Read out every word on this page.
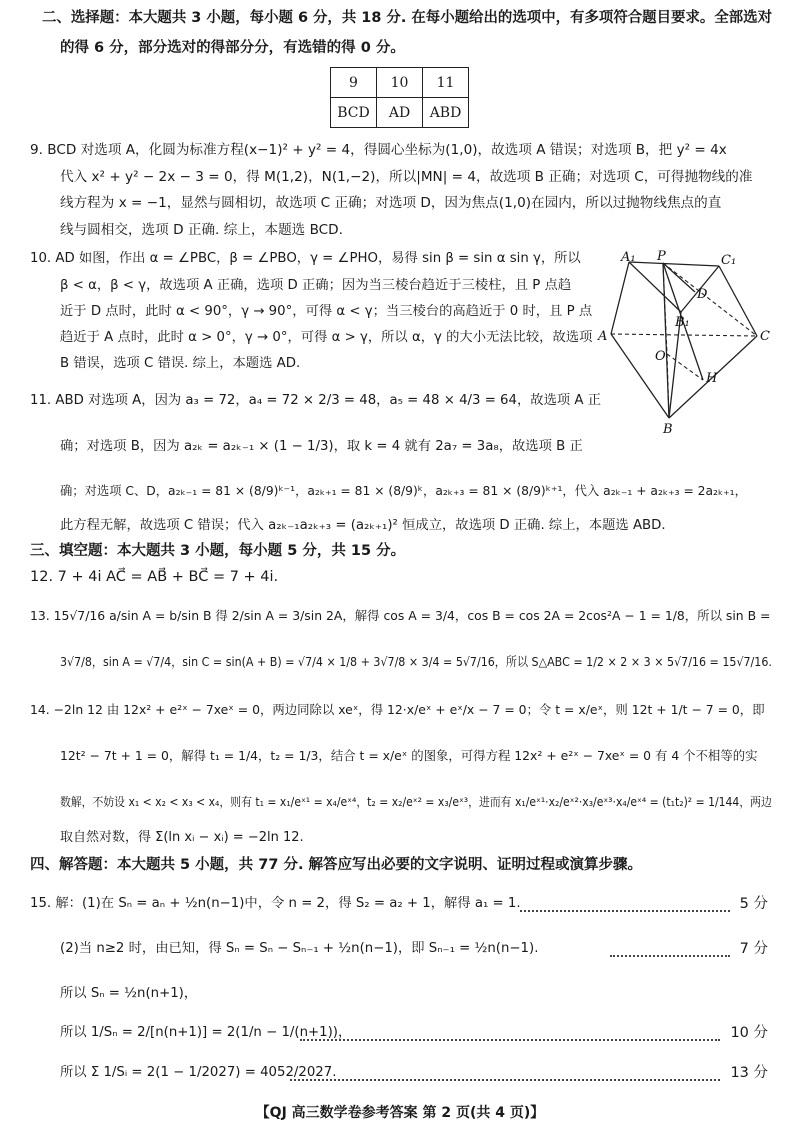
二、选择题：本大题共 3 小题，每小题 6 分，共 18 分. 在每小题给出的选项中，有多项符合题目要求。全部选对
的得 6 分，部分选对的得部分分，有选错的得 0 分。
9	10	11
BCD	AD	ABD
9. BCD 对选项 A，化圆为标准方程(x−1)² + y² = 4，得圆心坐标为(1,0)，故选项 A 错误；对选项 B，把 y² = 4x
代入 x² + y² − 2x − 3 = 0，得 M(1,2)，N(1,−2)，所以|MN| = 4，故选项 B 正确；对选项 C，可得抛物线的准
线方程为 x = −1，显然与圆相切，故选项 C 正确；对选项 D，因为焦点(1,0)在园内，所以过抛物线焦点的直
线与圆相交，选项 D 正确. 综上，本题选 BCD.
10. AD 如图，作出 α = ∠PBC，β = ∠PBO，γ = ∠PHO，易得 sin β = sin α sin γ，所以
β < α，β < γ，故选项 A 正确，选项 D 正确；因为当三棱台趋近于三棱柱，且 P 点趋
近于 D 点时，此时 α < 90°，γ → 90°，可得 α < γ；当三棱台的高趋近于 0 时，且 P 点
趋近于 A 点时，此时 α > 0°，γ → 0°，可得 α > γ，所以 α，γ 的大小无法比较，故选项
B 错误，选项 C 错误. 综上，本题选 AD.
A₁ P	C₁
D
B₁
A	C
O
H
B
11. ABD 对选项 A，因为 a₃ = 72，a₄ = 72 × 2/3 = 48，a₅ = 48 × 4/3 = 64，故选项 A 正
确；对选项 B，因为 a₂ₖ = a₂ₖ₋₁ × (1 − 1/3)，取 k = 4 就有 2a₇ = 3a₈，故选项 B 正
确；对选项 C、D，a₂ₖ₋₁ = 81 × (8/9)ᵏ⁻¹，a₂ₖ₊₁ = 81 × (8/9)ᵏ，a₂ₖ₊₃ = 81 × (8/9)ᵏ⁺¹，代入 a₂ₖ₋₁ + a₂ₖ₊₃ = 2a₂ₖ₊₁，
此方程无解，故选项 C 错误；代入 a₂ₖ₋₁a₂ₖ₊₃ = (a₂ₖ₊₁)² 恒成立，故选项 D 正确. 综上，本题选 ABD.
三、填空题：本大题共 3 小题，每小题 5 分，共 15 分。
12. 7 + 4i AC⃗ = AB⃗ + BC⃗ = 7 + 4i.
13. 15√7/16 a/sin A = b/sin B 得 2/sin A = 3/sin 2A，解得 cos A = 3/4，cos B = cos 2A = 2cos²A − 1 = 1/8，所以 sin B =
3√7/8，sin A = √7/4，sin C = sin(A + B) = √7/4 × 1/8 + 3√7/8 × 3/4 = 5√7/16，所以 S△ABC = 1/2 × 2 × 3 × 5√7/16 = 15√7/16.
14. −2ln 12 由 12x² + e²ˣ − 7xeˣ = 0，两边同除以 xeˣ，得 12·x/eˣ + eˣ/x − 7 = 0；令 t = x/eˣ，则 12t + 1/t − 7 = 0，即
12t² − 7t + 1 = 0，解得 t₁ = 1/4，t₂ = 1/3，结合 t = x/eˣ 的图象，可得方程 12x² + e²ˣ − 7xeˣ = 0 有 4 个不相等的实
数解，不妨设 x₁ < x₂ < x₃ < x₄，则有 t₁ = x₁/eˣ¹ = x₄/eˣ⁴，t₂ = x₂/eˣ² = x₃/eˣ³，进而有 x₁/eˣ¹·x₂/eˣ²·x₃/eˣ³·x₄/eˣ⁴ = (t₁t₂)² = 1/144，两边
取自然对数，得 Σ(ln xᵢ − xᵢ) = −2ln 12.
四、解答题：本大题共 5 小题，共 77 分. 解答应写出必要的文字说明、证明过程或演算步骤。
15. 解：(1)在 Sₙ = aₙ + ½n(n−1)中，令 n = 2，得 S₂ = a₂ + 1，解得 a₁ = 1.	5 分
(2)当 n≥2 时，由已知，得 Sₙ = Sₙ − Sₙ₋₁ + ½n(n−1)，即 Sₙ₋₁ = ½n(n−1).	7 分
所以 Sₙ = ½n(n+1)，
所以 1/Sₙ = 2/[n(n+1)] = 2(1/n − 1/(n+1))，	10 分
所以 Σ 1/Sᵢ = 2(1 − 1/2027) = 4052/2027.	13 分
【QJ 高三数学卷参考答案 第 2 页(共 4 页)】
